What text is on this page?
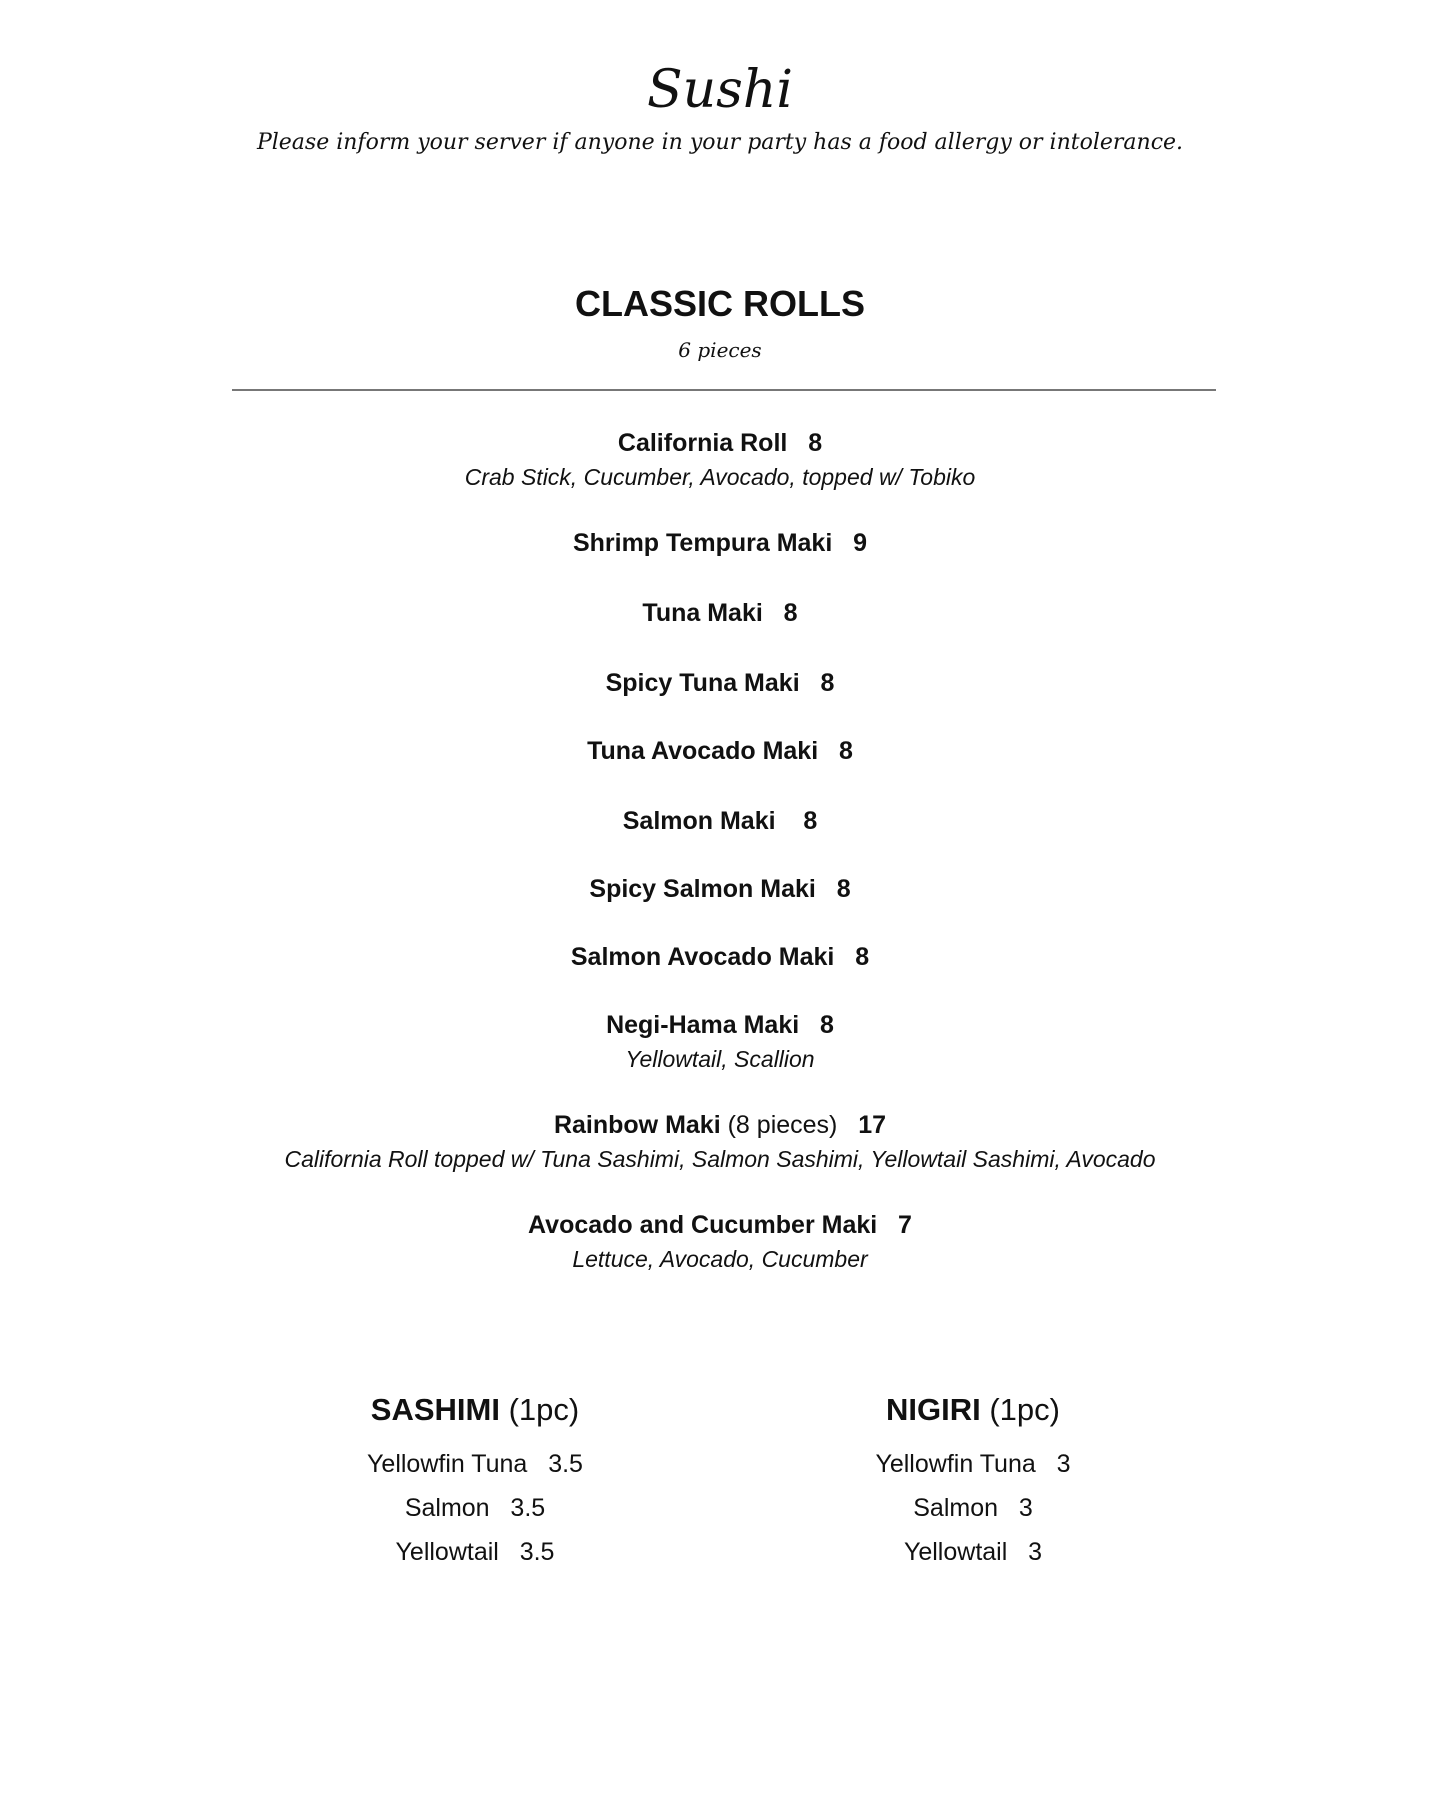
Sushi
Please inform your server if anyone in your party has a food allergy or intolerance.
CLASSIC ROLLS
6 pieces
California Roll 8
Crab Stick, Cucumber, Avocado, topped w/ Tobiko
Shrimp Tempura Maki 9
Tuna Maki 8
Spicy Tuna Maki 8
Tuna Avocado Maki 8
Salmon Maki 8
Spicy Salmon Maki 8
Salmon Avocado Maki 8
Negi-Hama Maki 8
Yellowtail, Scallion
Rainbow Maki (8 pieces) 17
California Roll topped w/ Tuna Sashimi, Salmon Sashimi, Yellowtail Sashimi, Avocado
Avocado and Cucumber Maki 7
Lettuce, Avocado, Cucumber
SASHIMI (1pc)
Yellowfin Tuna 3.5
Salmon 3.5
Yellowtail 3.5
NIGIRI (1pc)
Yellowfin Tuna 3
Salmon 3
Yellowtail 3
